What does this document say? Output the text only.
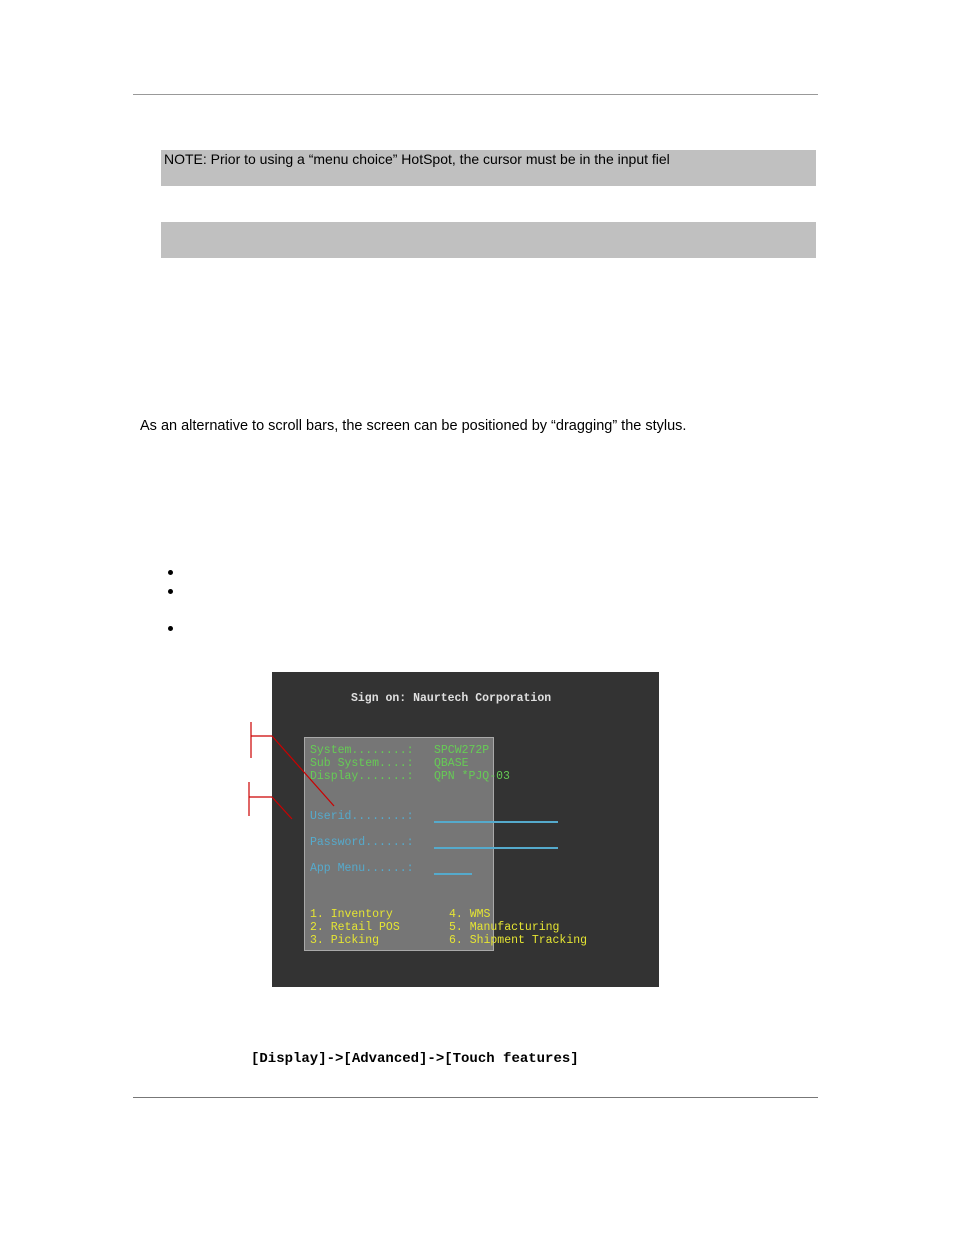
NOTE: Prior to using a “menu choice” HotSpot, the cursor must be in the input fiel
As an alternative to scroll bars, the screen can be positioned by “dragging” the stylus.
Sign on: Naurtech Corporation
System........: SPCW272P
Sub System....: QBASE
Display.......: QPN *PJQ-03
Userid........:
Password......:
App Menu......:
1. Inventory
2. Retail POS
3. Picking
4. WMS
5. Manufacturing
6. Shipment Tracking
[Display]->[Advanced]->[Touch features]
